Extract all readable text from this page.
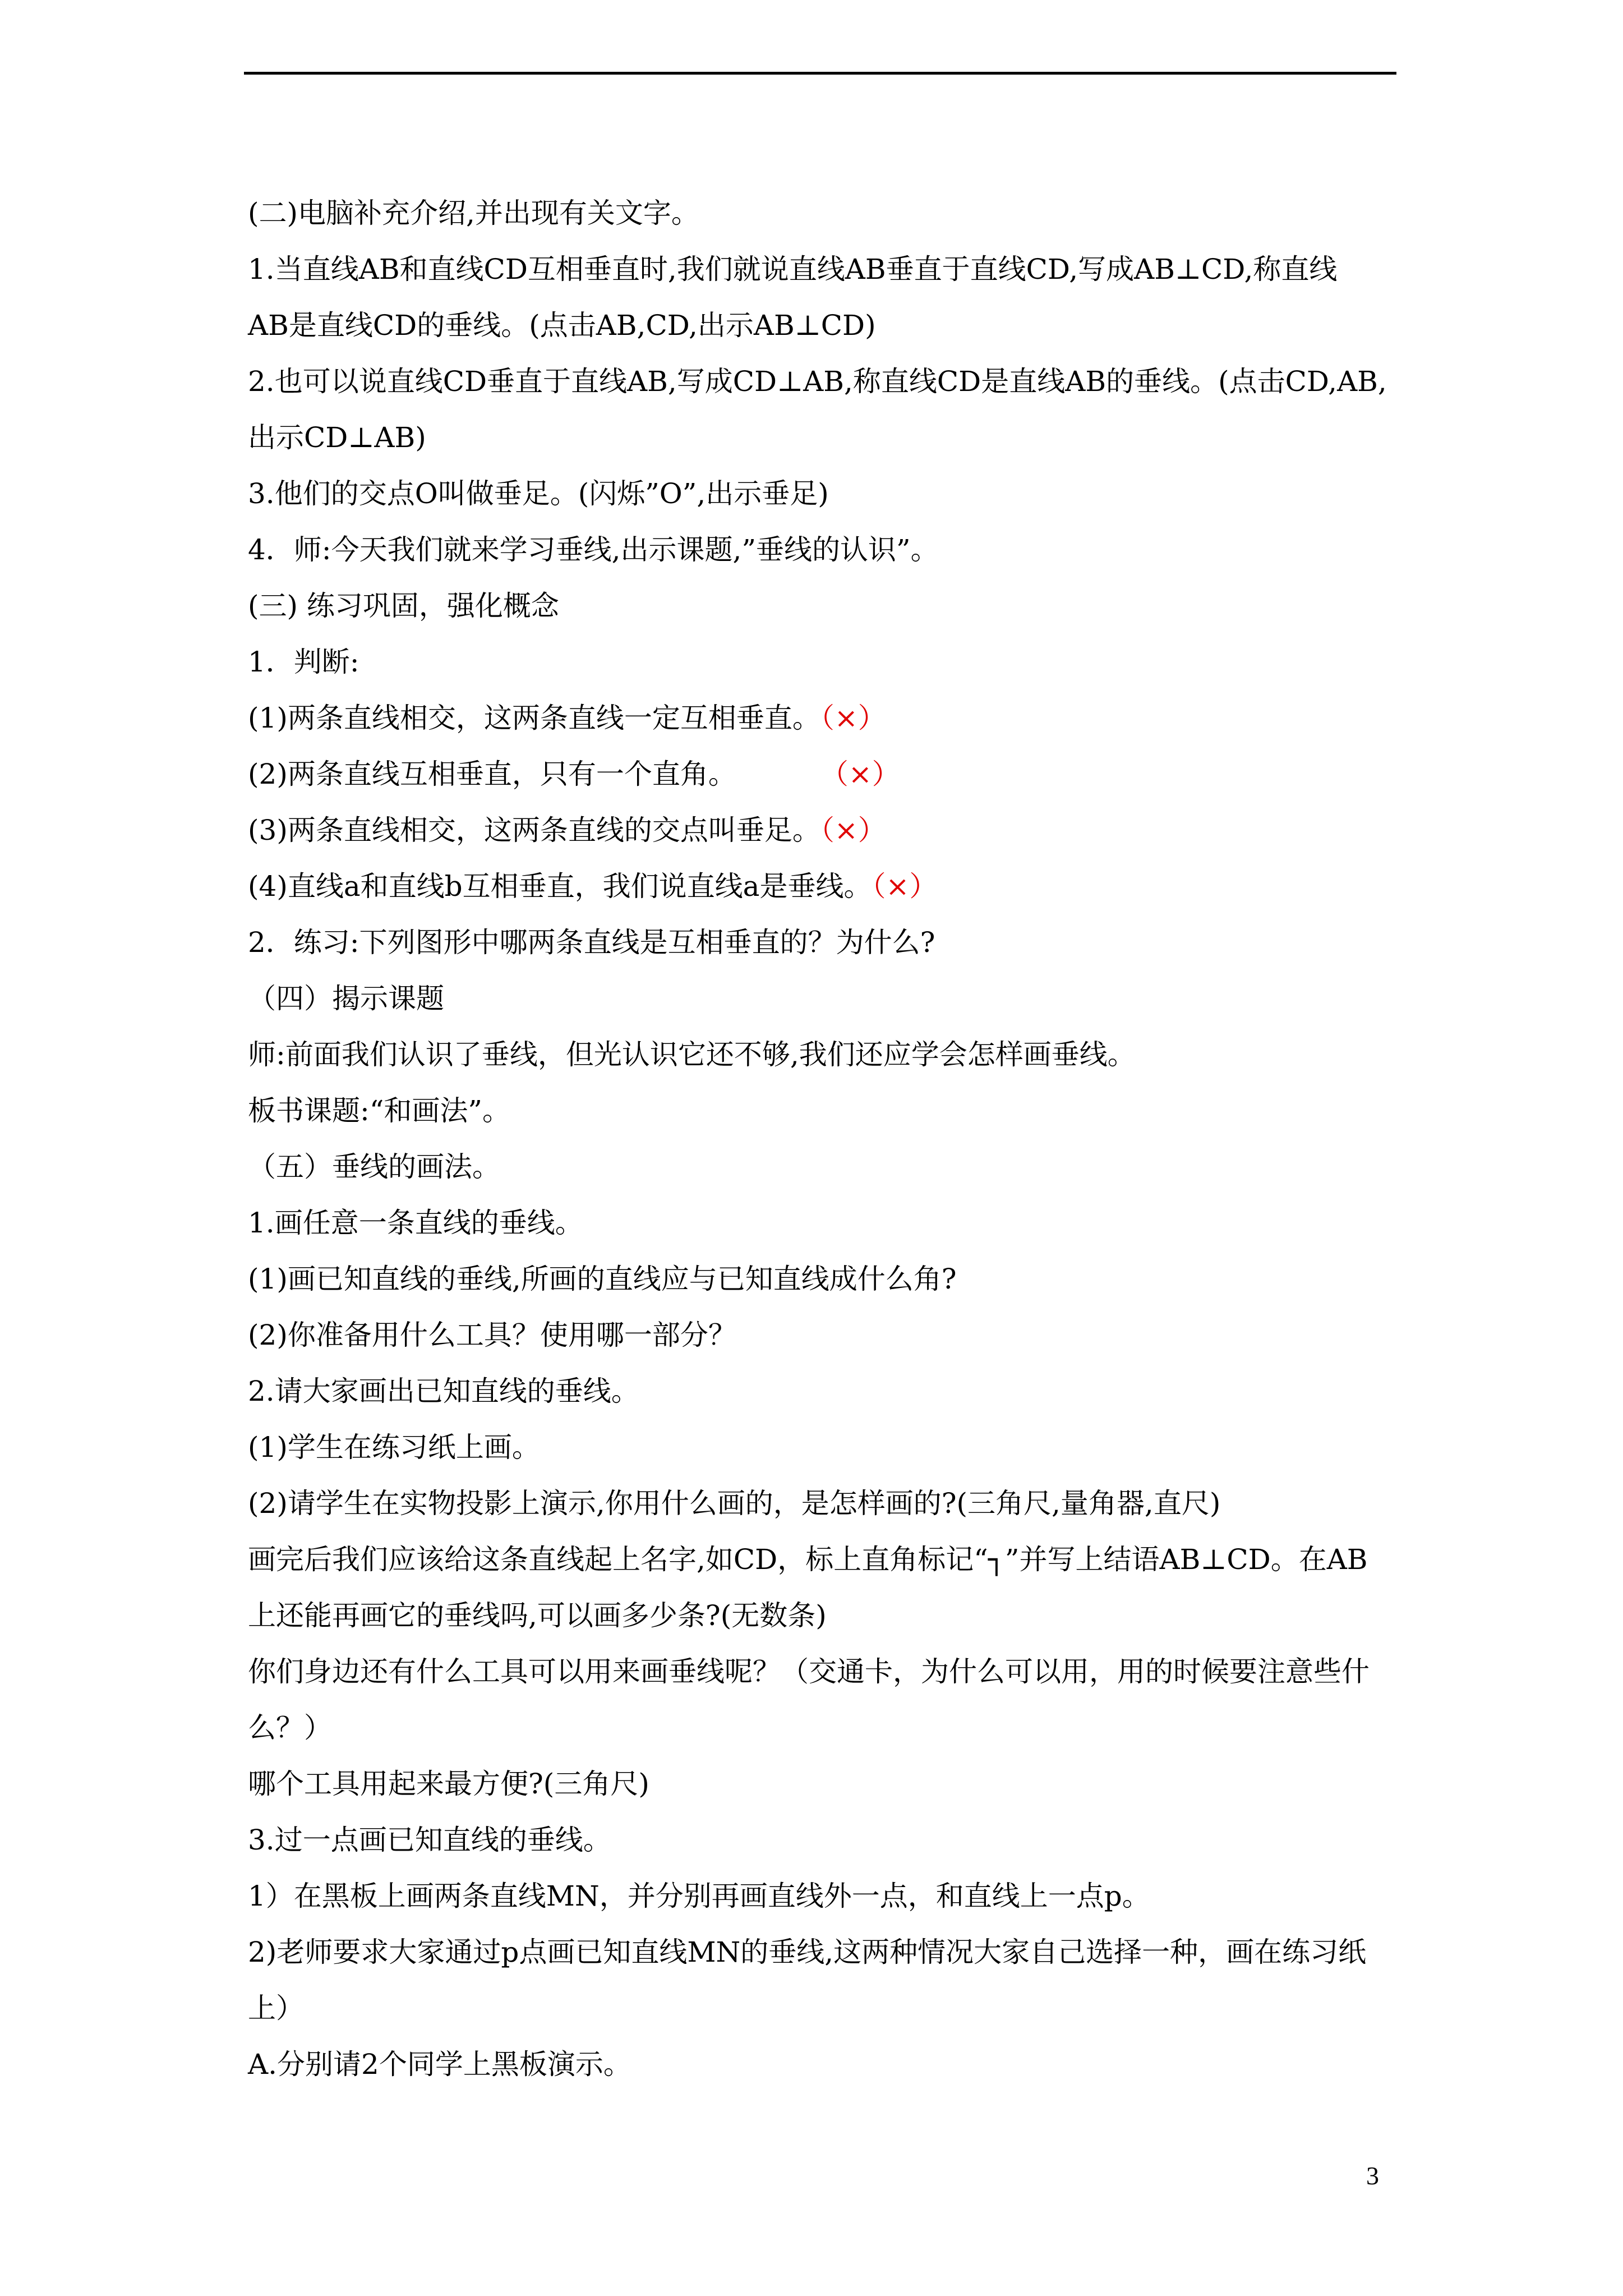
(二)电脑补充介绍,并出现有关文字。
1.当直线AB和直线CD互相垂直时,我们就说直线AB垂直于直线CD,写成AB⊥CD,称直线
AB是直线CD的垂线。(点击AB,CD,出示AB⊥CD)
2.也可以说直线CD垂直于直线AB,写成CD⊥AB,称直线CD是直线AB的垂线。(点击CD,AB,
出示CD⊥AB)
3.他们的交点O叫做垂足。(闪烁”O”,出示垂足)
4．师:今天我们就来学习垂线,出示课题,”垂线的认识”。
(三) 练习巩固，强化概念
1．判断:
(1)两条直线相交，这两条直线一定互相垂直。（×）
(2)两条直线互相垂直，只有一个直角。	（×）
(3)两条直线相交，这两条直线的交点叫垂足。（×）
(4)直线a和直线b互相垂直，我们说直线a是垂线。（×）
2．练习:下列图形中哪两条直线是互相垂直的？为什么?
（四）揭示课题
师:前面我们认识了垂线，但光认识它还不够,我们还应学会怎样画垂线。
板书课题:“和画法”。
（五）垂线的画法。
1.画任意一条直线的垂线。
(1)画已知直线的垂线,所画的直线应与已知直线成什么角?
(2)你准备用什么工具？使用哪一部分？
2.请大家画出已知直线的垂线。
(1)学生在练习纸上画。
(2)请学生在实物投影上演示,你用什么画的，是怎样画的?(三角尺,量角器,直尺)
画完后我们应该给这条直线起上名字,如CD，标上直角标记“┐”并写上结语AB⊥CD。在AB
上还能再画它的垂线吗,可以画多少条?(无数条)
你们身边还有什么工具可以用来画垂线呢？（交通卡，为什么可以用，用的时候要注意些什
么？）
哪个工具用起来最方便?(三角尺)
3.过一点画已知直线的垂线。
1）在黑板上画两条直线MN，并分别再画直线外一点，和直线上一点p。
2)老师要求大家通过p点画已知直线MN的垂线,这两种情况大家自己选择一种，画在练习纸
上）
A.分别请2个同学上黑板演示。
3
